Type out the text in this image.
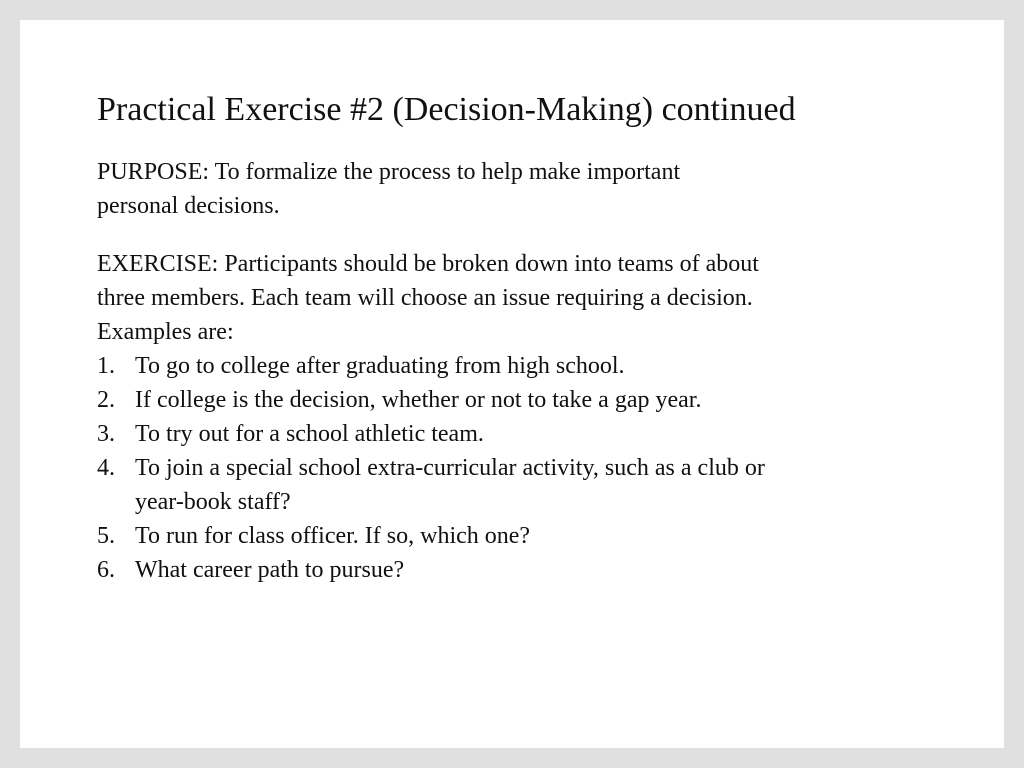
Practical Exercise #2 (Decision-Making) continued

PURPOSE: To formalize the process to help make important
personal decisions.

EXERCISE: Participants should be broken down into teams of about
three members. Each team will choose an issue requiring a decision.
Examples are:
1. To go to college after graduating from high school.
2. If college is the decision, whether or not to take a gap year.
3. To try out for a school athletic team.
4. To join a special school extra-curricular activity, such as a club or
year-book staff?
5. To run for class officer. If so, which one?
6. What career path to pursue?
